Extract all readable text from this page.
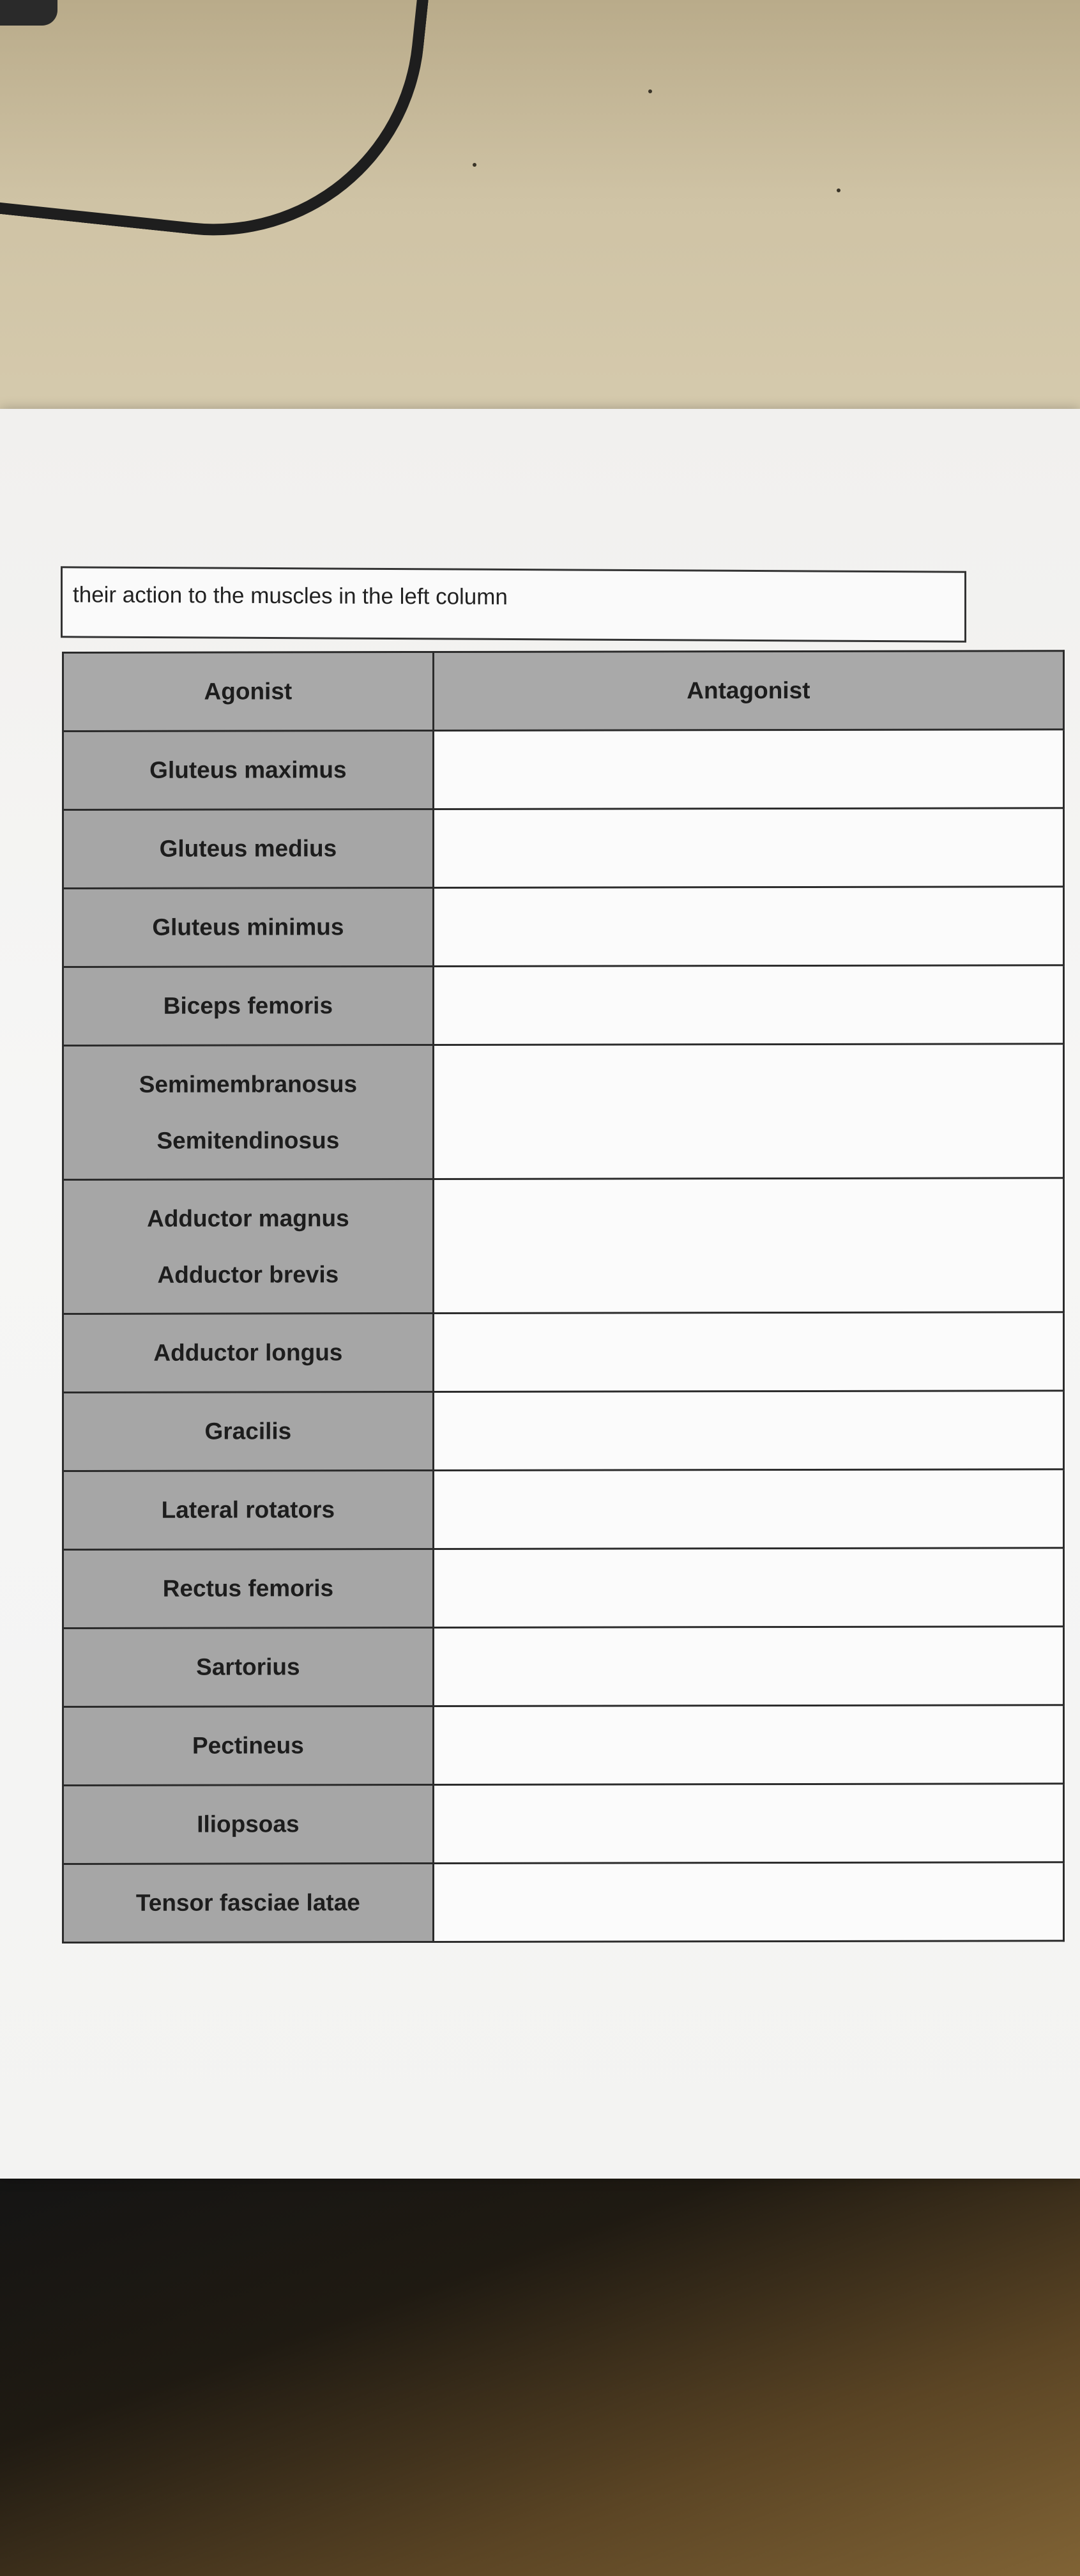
their action to the muscles in the left column
Agonist	Antagonist
Gluteus maximus	
Gluteus medius	
Gluteus minimus	
Biceps femoris	

Semimembranosus
Semitendinosus	

Adductor magnus
Adductor brevis	

Adductor longus	
Gracilis	
Lateral rotators	
Rectus femoris	
Sartorius	
Pectineus	
Iliopsoas	
Tensor fasciae latae	
